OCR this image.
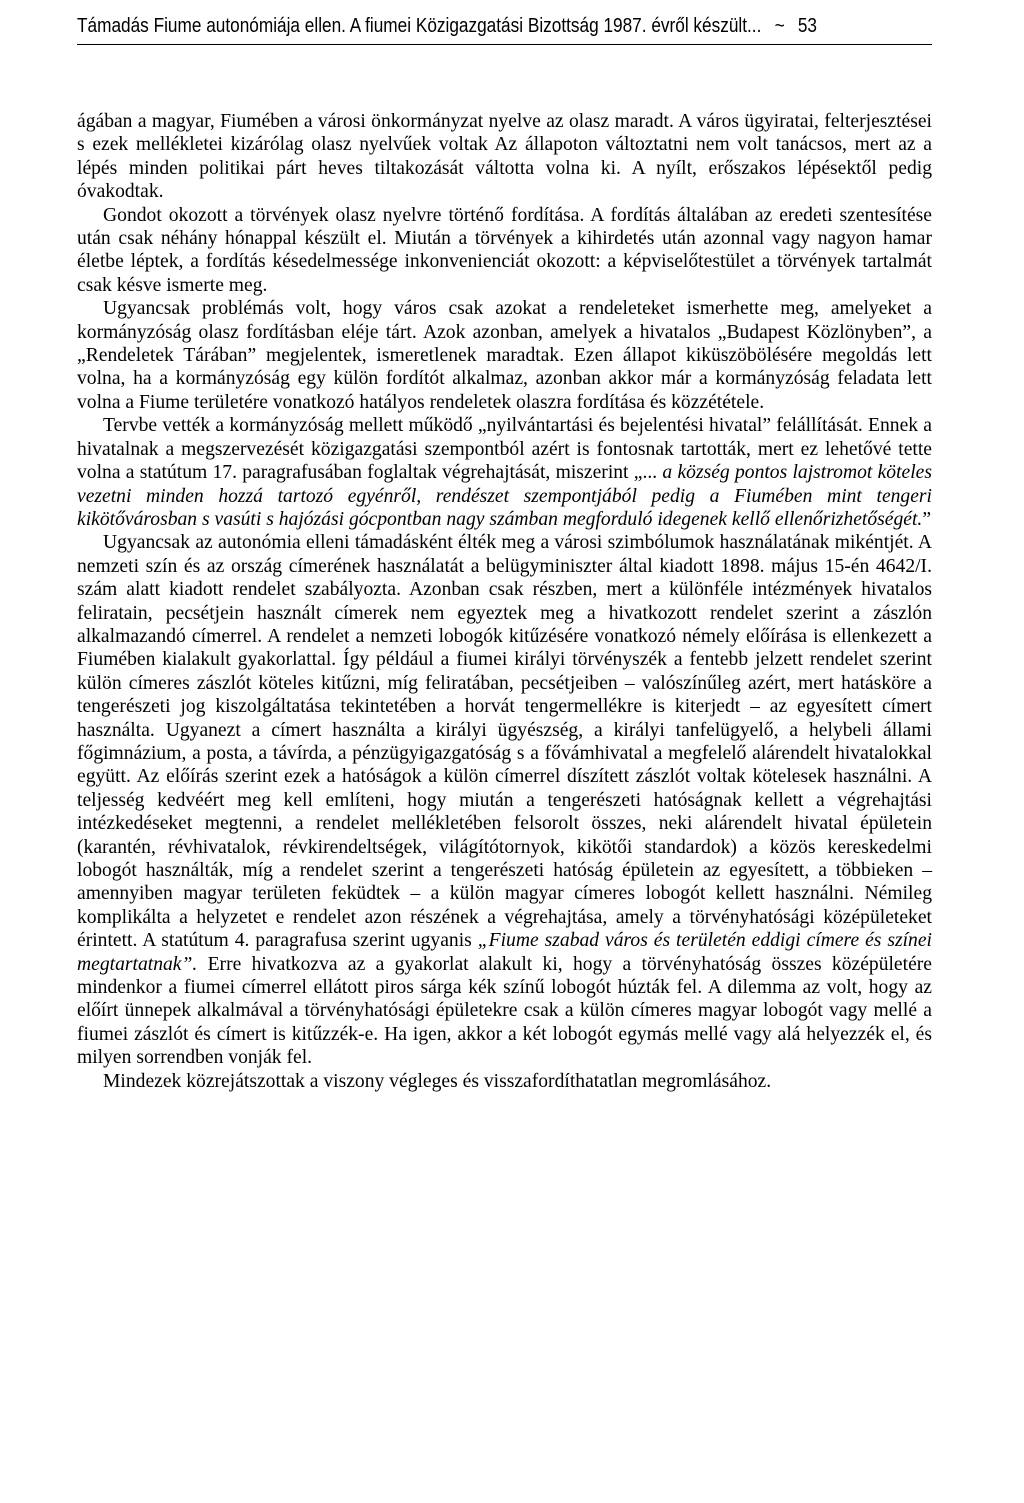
Támadás Fiume autonómiája ellen. A fiumei Közigazgatási Bizottság 1987. évről készült... ~ 53

ágában a magyar, Fiumében a városi önkormányzat nyelve az olasz maradt. A város ügyiratai, felterjesztései s ezek mellékletei kizárólag olasz nyelvűek voltak Az állapoton változtatni nem volt tanácsos, mert az a lépés minden politikai párt heves tiltakozását váltotta volna ki. A nyílt, erőszakos lépésektől pedig óvakodtak.

Gondot okozott a törvények olasz nyelvre történő fordítása. A fordítás általában az eredeti szentesítése után csak néhány hónappal készült el. Miután a törvények a kihirdetés után azonnal vagy nagyon hamar életbe léptek, a fordítás késedelmessége inkonvenienciát okozott: a képviselőtestület a törvények tartalmát csak késve ismerte meg.

Ugyancsak problémás volt, hogy város csak azokat a rendeleteket ismerhette meg, amelyeket a kormányzóság olasz fordításban eléje tárt. Azok azonban, amelyek a hivatalos „Budapest Közlönyben”, a „Rendeletek Tárában” megjelentek, ismeretlenek maradtak. Ezen állapot kiküszöbölésére megoldás lett volna, ha a kormányzóság egy külön fordítót alkalmaz, azonban akkor már a kormányzóság feladata lett volna a Fiume területére vonatkozó hatályos rendeletek olaszra fordítása és közzététele.

Tervbe vették a kormányzóság mellett működő „nyilvántartási és bejelentési hivatal” felállítását. Ennek a hivatalnak a megszervezését közigazgatási szempontból azért is fontosnak tartották, mert ez lehetővé tette volna a statútum 17. paragrafusában foglaltak végrehajtását, miszerint „... a község pontos lajstromot köteles vezetni minden hozzá tartozó egyénről, rendészet szempontjából pedig a Fiumében mint tengeri kikötővárosban s vasúti s hajózási gócpontban nagy számban megforduló idegenek kellő ellenőrizhetőségét.”

Ugyancsak az autonómia elleni támadásként élték meg a városi szimbólumok használatának mikéntjét. A nemzeti szín és az ország címerének használatát a belügyminiszter által kiadott 1898. május 15-én 4642/I. szám alatt kiadott rendelet szabályozta. Azonban csak részben, mert a különféle intézmények hivatalos feliratain, pecsétjein használt címerek nem egyeztek meg a hivatkozott rendelet szerint a zászlón alkalmazandó címerrel. A rendelet a nemzeti lobogók kitűzésére vonatkozó némely előírása is ellenkezett a Fiumében kialakult gyakorlattal. Így például a fiumei királyi törvényszék a fentebb jelzett rendelet szerint külön címeres zászlót köteles kitűzni, míg feliratában, pecsétjeiben – valószínűleg azért, mert hatásköre a tengerészeti jog kiszolgáltatása tekintetében a horvát tengermellékre is kiterjedt – az egyesített címert használta. Ugyanezt a címert használta a királyi ügyészség, a királyi tanfelügyelő, a helybeli állami főgimnázium, a posta, a távírda, a pénzügyigazgatóság s a fővámhivatal a megfelelő alárendelt hivatalokkal együtt. Az előírás szerint ezek a hatóságok a külön címerrel díszített zászlót voltak kötelesek használni. A teljesség kedvéért meg kell említeni, hogy miután a tengerészeti hatóságnak kellett a végrehajtási intézkedéseket megtenni, a rendelet mellékletében felsorolt összes, neki alárendelt hivatal épületein (karantén, révhivatalok, révkirendeltségek, világítótornyok, kikötői standardok) a közös kereskedelmi lobogót használták, míg a rendelet szerint a tengerészeti hatóság épületein az egyesített, a többieken – amennyiben magyar területen feküdtek – a külön magyar címeres lobogót kellett használni. Némileg komplikálta a helyzetet e rendelet azon részének a végrehajtása, amely a törvényhatósági középületeket érintett. A statútum 4. paragrafusa szerint ugyanis „Fiume szabad város és területén eddigi címere és színei megtartatnak”. Erre hivatkozva az a gyakorlat alakult ki, hogy a törvényhatóság összes középületére mindenkor a fiumei címerrel ellátott piros sárga kék színű lobogót húzták fel. A dilemma az volt, hogy az előírt ünnepek alkalmával a törvényhatósági épületekre csak a külön címeres magyar lobogót vagy mellé a fiumei zászlót és címert is kitűzzék-e. Ha igen, akkor a két lobogót egymás mellé vagy alá helyezzék el, és milyen sorrendben vonják fel.

Mindezek közrejátszottak a viszony végleges és visszafordíthatatlan megromlásához.
